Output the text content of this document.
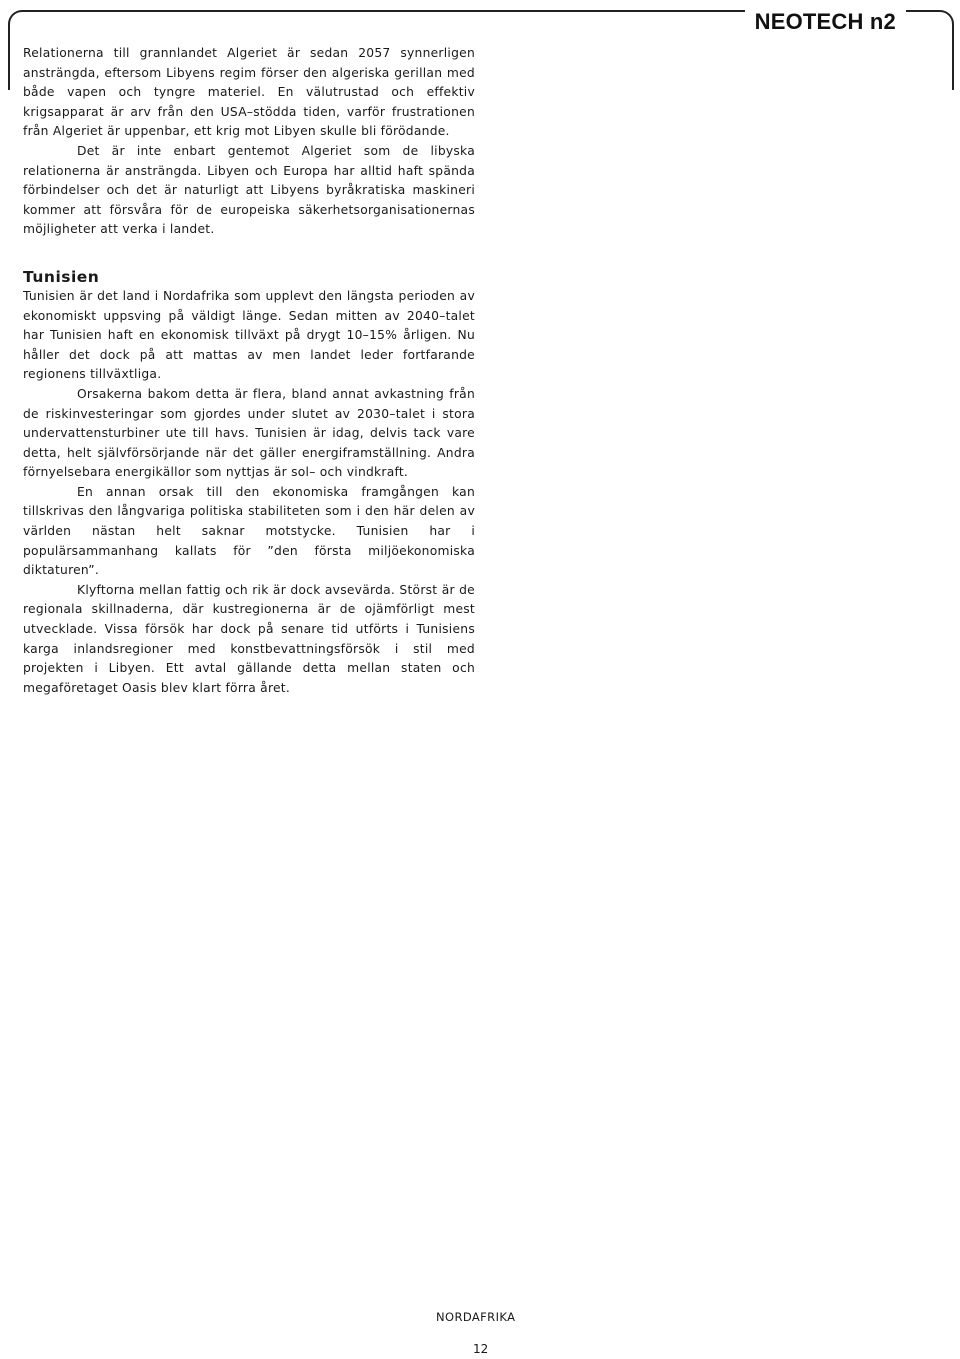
NEOTECH n2

Relationerna till grannlandet Algeriet är sedan 2057 synnerligen ansträngda, eftersom Libyens regim förser den algeriska gerillan med både vapen och tyngre materiel. En välutrustad och effektiv krigsapparat är arv från den USA–stödda tiden, varför frustrationen från Algeriet är uppenbar, ett krig mot Libyen skulle bli förödande.

Det är inte enbart gentemot Algeriet som de libyska relationerna är ansträngda. Libyen och Europa har alltid haft spända förbindelser och det är naturligt att Libyens byråkratiska maskineri kommer att försvåra för de europeiska säkerhetsorganisationernas möjligheter att verka i landet.

Tunisien

Tunisien är det land i Nordafrika som upplevt den längsta perioden av ekonomiskt uppsving på väldigt länge. Sedan mitten av 2040–talet har Tunisien haft en ekonomisk tillväxt på drygt 10–15% årligen. Nu håller det dock på att mattas av men landet leder fortfarande regionens tillväxtliga.

Orsakerna bakom detta är flera, bland annat avkastning från de riskinvesteringar som gjordes under slutet av 2030–talet i stora undervattensturbiner ute till havs. Tunisien är idag, delvis tack vare detta, helt självförsörjande när det gäller energiframställning. Andra förnyelsebara energikällor som nyttjas är sol– och vindkraft.

En annan orsak till den ekonomiska framgången kan tillskrivas den långvariga politiska stabiliteten som i den här delen av världen nästan helt saknar motstycke. Tunisien har i populärsammanhang kallats för ”den första miljöekonomiska diktaturen”.

Klyftorna mellan fattig och rik är dock avsevärda. Störst är de regionala skillnaderna, där kustregionerna är de ojämförligt mest utvecklade. Vissa försök har dock på senare tid utförts i Tunisiens karga inlandsregioner med konstbevattningsförsök i stil med projekten i Libyen. Ett avtal gällande detta mellan staten och megaföretaget Oasis blev klart förra året.

NORDAFRIKA
12
